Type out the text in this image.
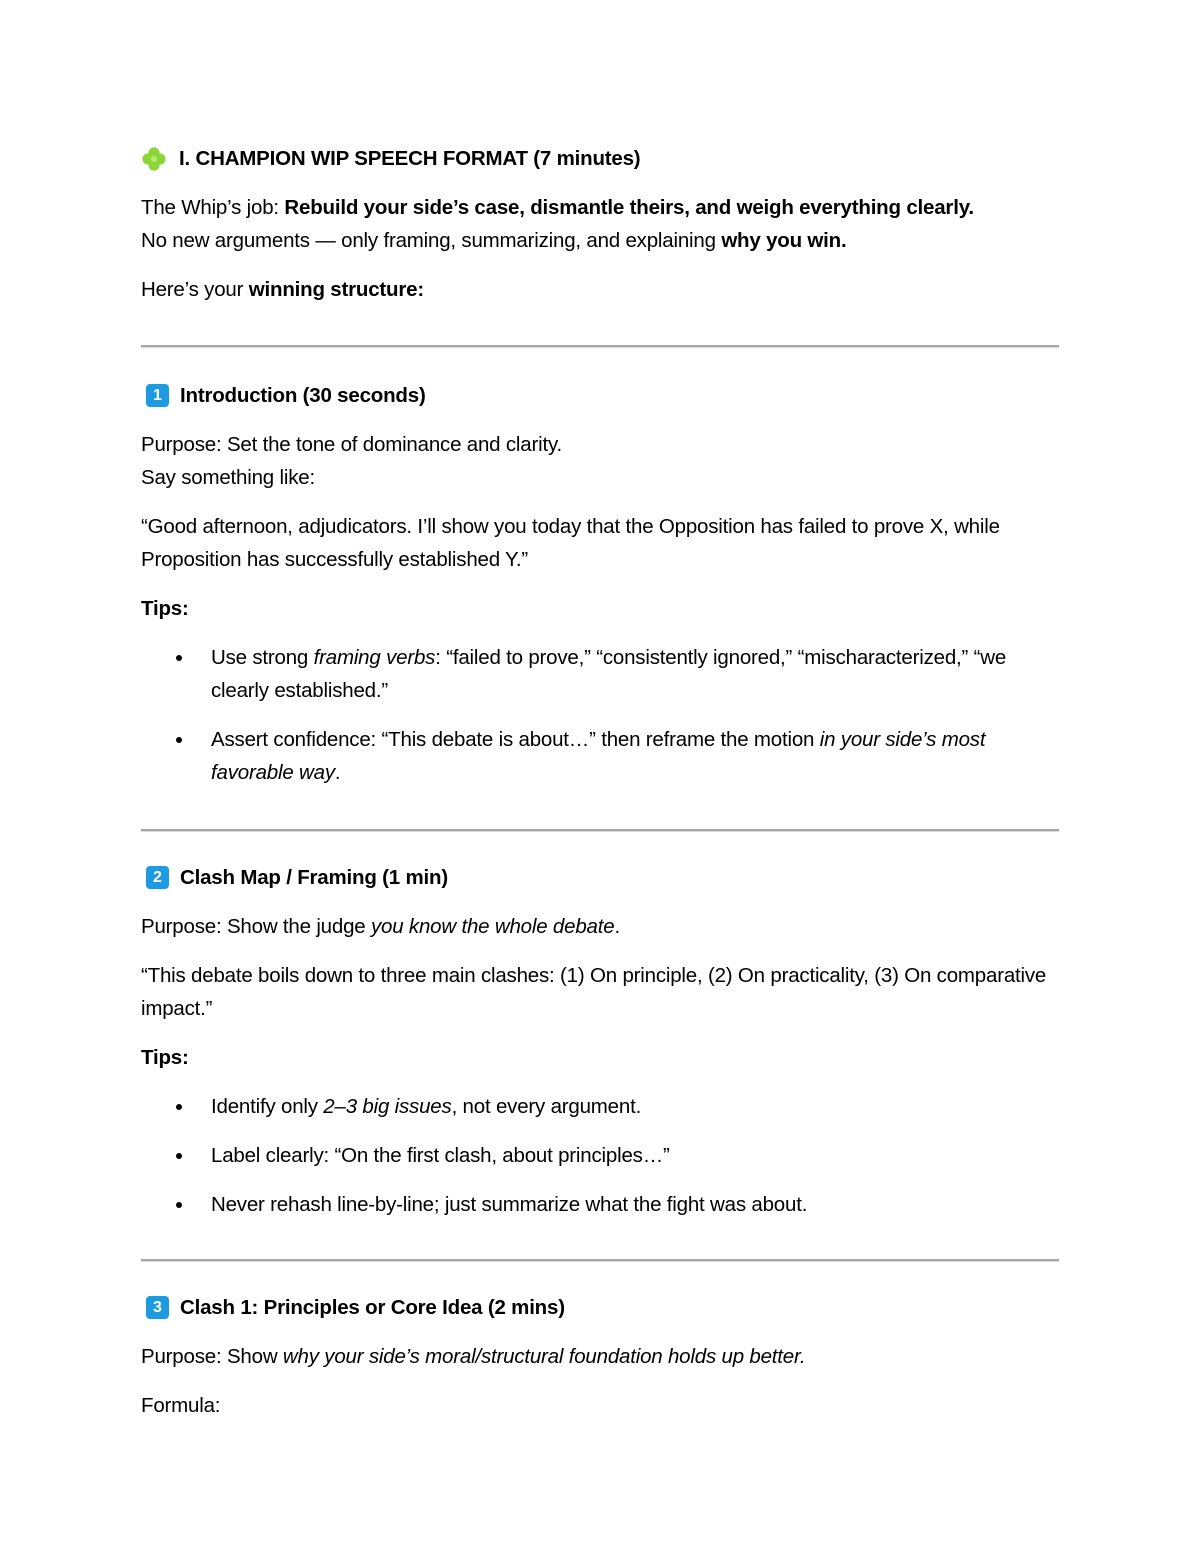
I. CHAMPION WIP SPEECH FORMAT (7 minutes)

The Whip’s job: Rebuild your side’s case, dismantle theirs, and weigh everything clearly.

No new arguments — only framing, summarizing, and explaining why you win.

Here’s your winning structure:

1 Introduction (30 seconds)

Purpose: Set the tone of dominance and clarity.

Say something like:

“Good afternoon, adjudicators. I’ll show you today that the Opposition has failed to prove X, while Proposition has successfully established Y.”

Tips:

Use strong framing verbs: “failed to prove,” “consistently ignored,” “mischaracterized,” “we clearly established.”
Assert confidence: “This debate is about…” then reframe the motion in your side’s most favorable way.
2 Clash Map / Framing (1 min)

Purpose: Show the judge you know the whole debate.

“This debate boils down to three main clashes: (1) On principle, (2) On practicality, (3) On comparative impact.”

Tips:

Identify only 2–3 big issues, not every argument.
Label clearly: “On the first clash, about principles…”
Never rehash line-by-line; just summarize what the fight was about.
3 Clash 1: Principles or Core Idea (2 mins)

Purpose: Show why your side’s moral/structural foundation holds up better.

Formula:
